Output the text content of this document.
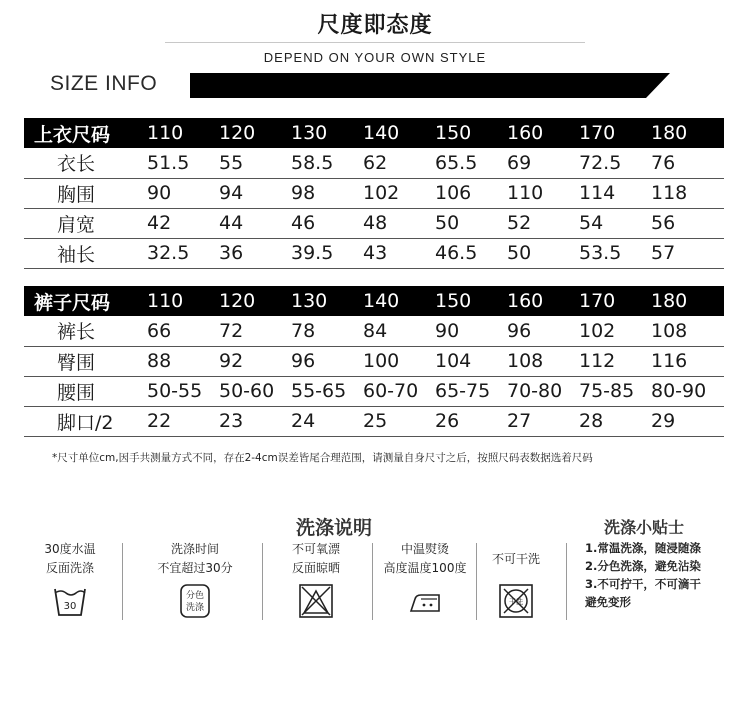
尺度即态度
DEPEND ON YOUR OWN STYLE
SIZE INFO
上衣尺码	110	120	130	140	150	160	170	180
衣长	51.5	55	58.5	62	65.5	69	72.5	76
胸围	90	94	98	102	106	110	114	118
肩宽	42	44	46	48	50	52	54	56
袖长	32.5	36	39.5	43	46.5	50	53.5	57
裤子尺码	110	120	130	140	150	160	170	180
裤长	66	72	78	84	90	96	102	108
臀围	88	92	96	100	104	108	112	116
腰围	50-55	50-60	55-65	60-70	65-75	70-80	75-85	80-90
脚口/2	22	23	24	25	26	27	28	29
*尺寸单位cm,因手共测量方式不同，存在2-4cm误差皆尾合理范围，请测量自身尺寸之后，按照尺码表数据选着尺码
洗涤说明	洗涤小贴士
30度水温
反面洗涤
30
洗涤时间
不宜超过30分
分色
洗涤
不可氧漂
反面晾晒
中温熨烫
高度温度100度
不可干洗
干洗
1.常温洗涤，随浸随涤
2.分色洗涤，避免沾染
3.不可拧干，不可滴干
避免变形
